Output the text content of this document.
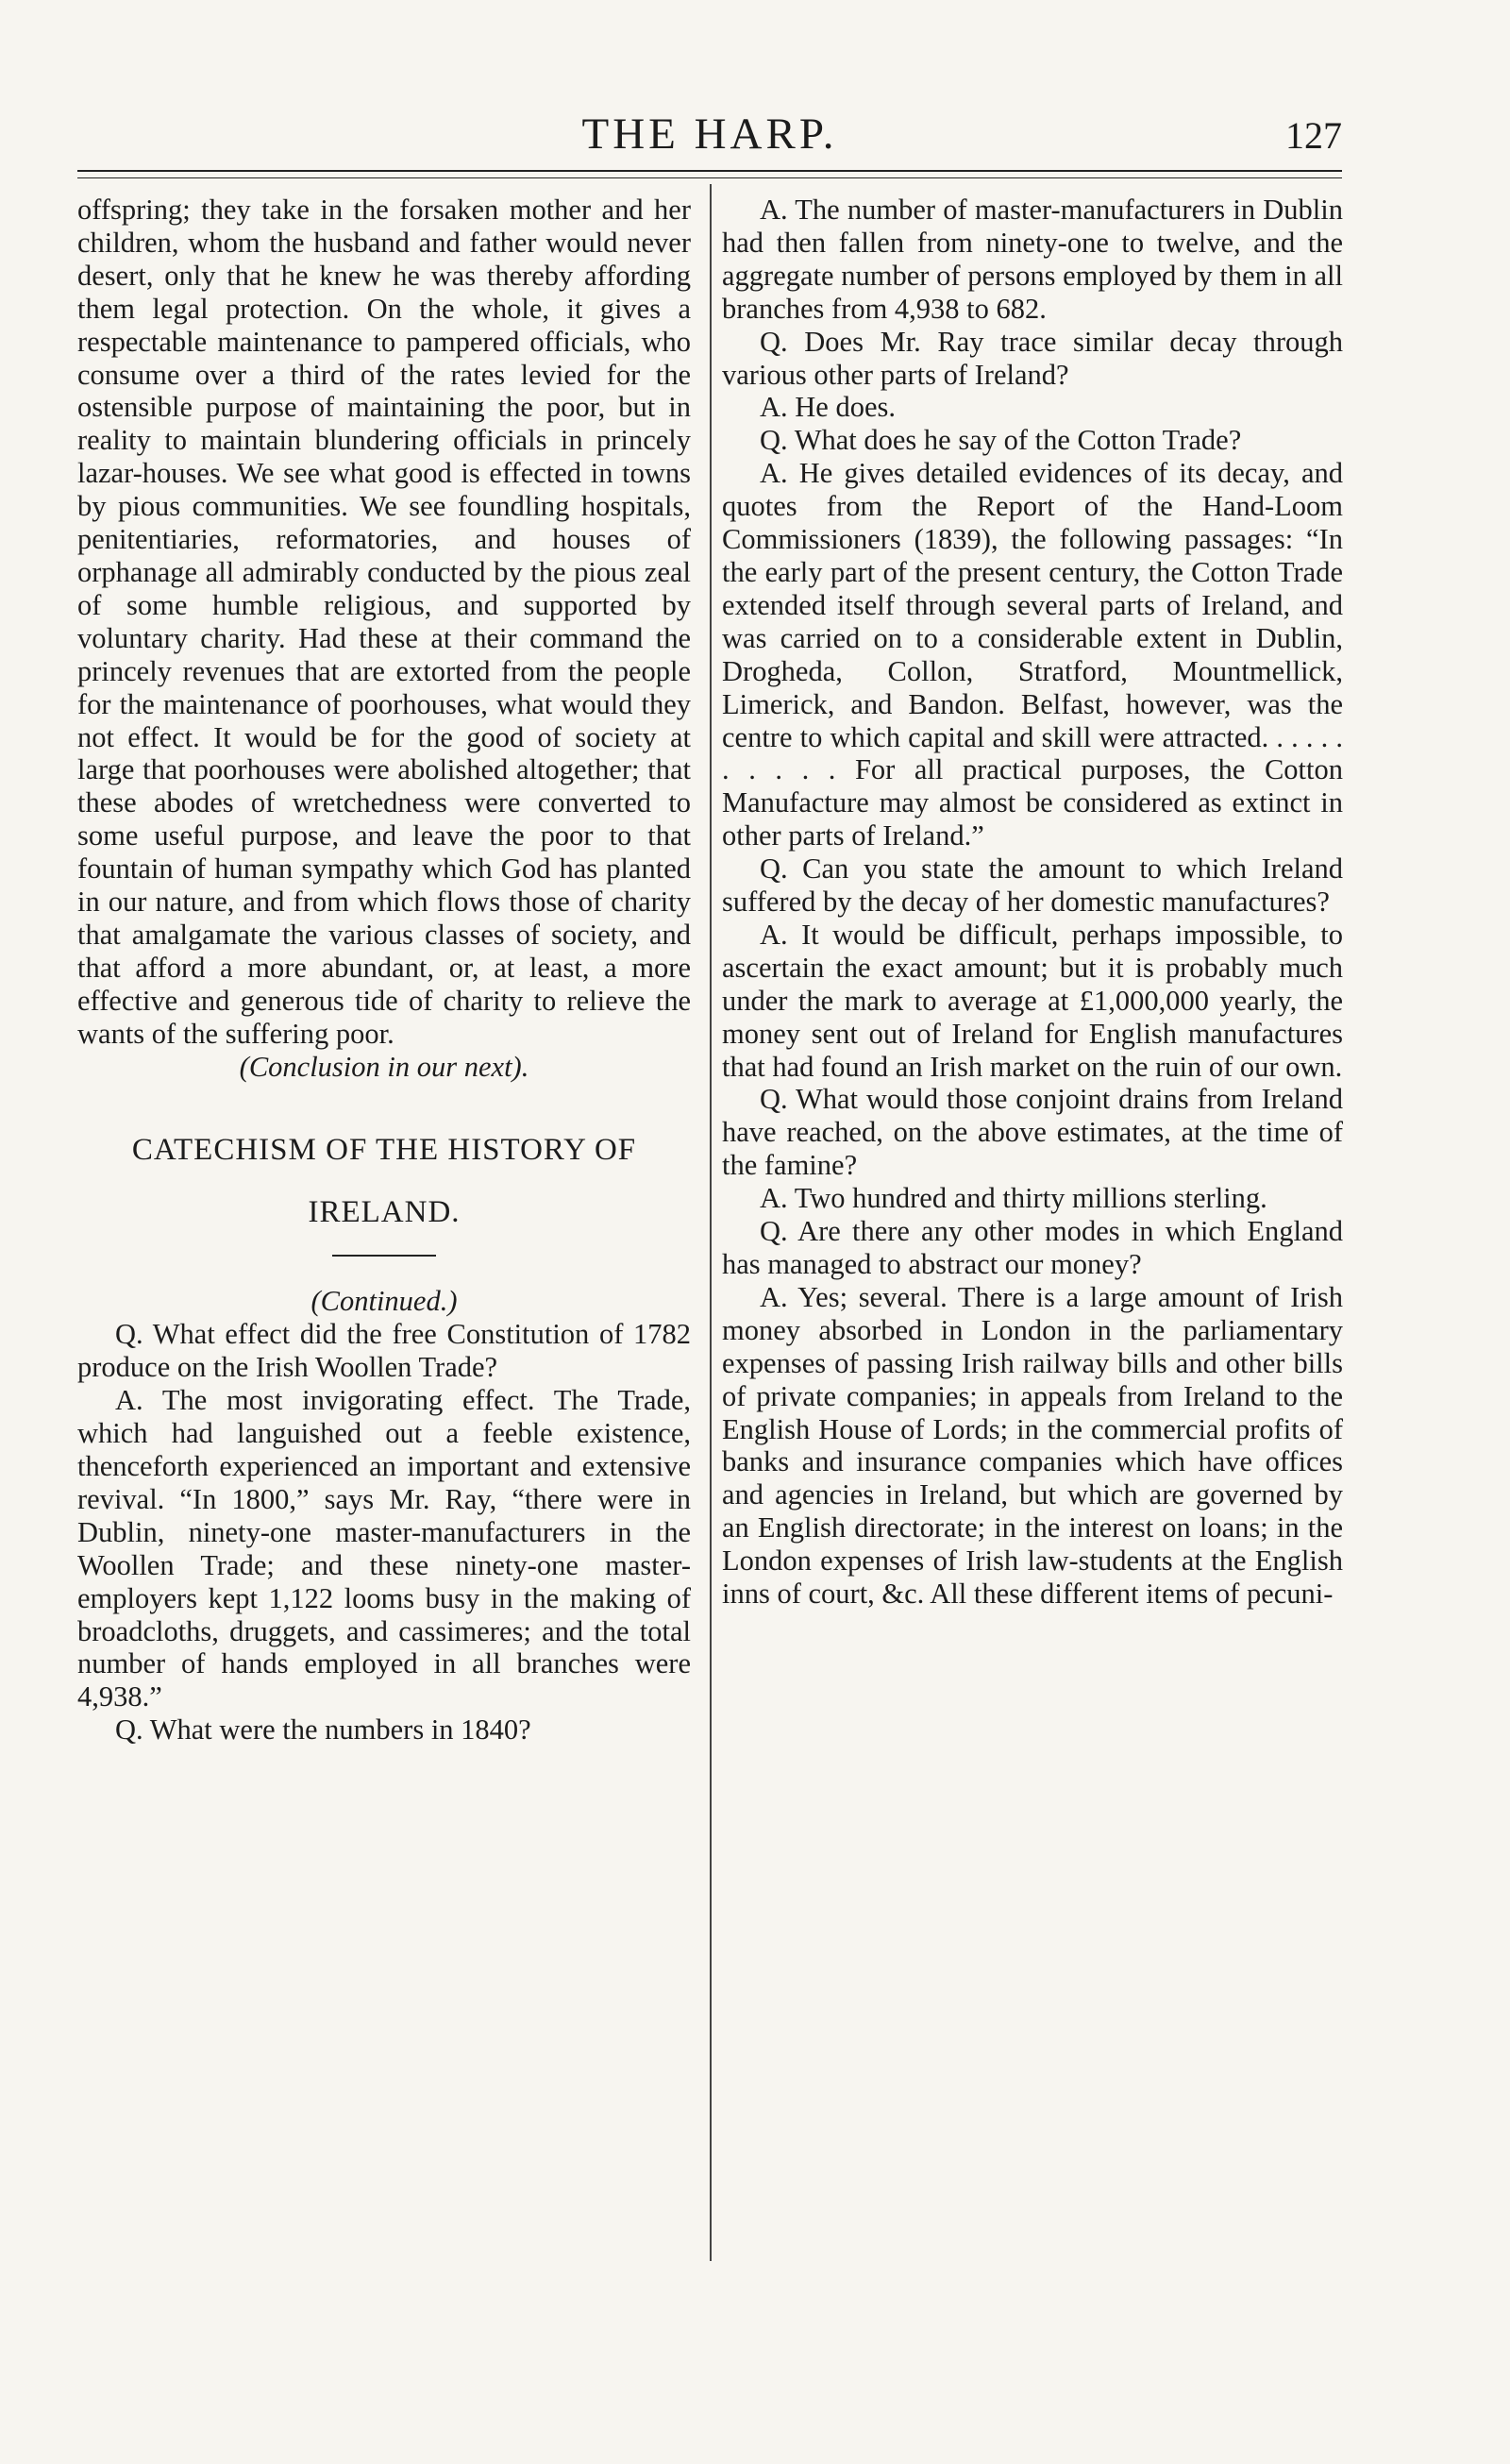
THE HARP.	127

offspring; they take in the forsaken mother and her children, whom the husband and father would never desert, only that he knew he was thereby affording them legal protection. On the whole, it gives a respectable maintenance to pampered officials, who consume over a third of the rates levied for the ostensible purpose of maintaining the poor, but in reality to maintain blundering officials in princely lazar-houses. We see what good is effected in towns by pious communities. We see foundling hospitals, penitentiaries, reformatories, and houses of orphanage all admirably conducted by the pious zeal of some humble religious, and supported by voluntary charity. Had these at their command the princely revenues that are extorted from the people for the maintenance of poorhouses, what would they not effect. It would be for the good of society at large that poorhouses were abolished altogether; that these abodes of wretchedness were converted to some useful purpose, and leave the poor to that fountain of human sympathy which God has planted in our nature, and from which flows those of charity that amalgamate the various classes of society, and that afford a more abundant, or, at least, a more effective and generous tide of charity to relieve the wants of the suffering poor.

(Conclusion in our next).

CATECHISM OF THE HISTORY OF
IRELAND.

(Continued.)

Q. What effect did the free Constitution of 1782 produce on the Irish Woollen Trade?

A. The most invigorating effect. The Trade, which had languished out a feeble existence, thenceforth experienced an important and extensive revival. “In 1800,” says Mr. Ray, “there were in Dublin, ninety-one master-manufacturers in the Woollen Trade; and these ninety-one master-employers kept 1,122 looms busy in the making of broadcloths, druggets, and cassimeres; and the total number of hands employed in all branches were 4,938.”

Q. What were the numbers in 1840?

A. The number of master-manufacturers in Dublin had then fallen from ninety-one to twelve, and the aggregate number of persons employed by them in all branches from 4,938 to 682.

Q. Does Mr. Ray trace similar decay through various other parts of Ireland?

A. He does.

Q. What does he say of the Cotton Trade?

A. He gives detailed evidences of its decay, and quotes from the Report of the Hand-Loom Commissioners (1839), the following passages: “In the early part of the present century, the Cotton Trade extended itself through several parts of Ireland, and was carried on to a considerable extent in Dublin, Drogheda, Collon, Stratford, Mountmellick, Limerick, and Bandon. Belfast, however, was the centre to which capital and skill were attracted. . . . . . . . . . . For all practical purposes, the Cotton Manufacture may almost be considered as extinct in other parts of Ireland.”

Q. Can you state the amount to which Ireland suffered by the decay of her domestic manufactures?

A. It would be difficult, perhaps impossible, to ascertain the exact amount; but it is probably much under the mark to average at £1,000,000 yearly, the money sent out of Ireland for English manufactures that had found an Irish market on the ruin of our own.

Q. What would those conjoint drains from Ireland have reached, on the above estimates, at the time of the famine?

A. Two hundred and thirty millions sterling.

Q. Are there any other modes in which England has managed to abstract our money?

A. Yes; several. There is a large amount of Irish money absorbed in London in the parliamentary expenses of passing Irish railway bills and other bills of private companies; in appeals from Ireland to the English House of Lords; in the commercial profits of banks and insurance companies which have offices and agencies in Ireland, but which are governed by an English directorate; in the interest on loans; in the London expenses of Irish law-students at the English inns of court, &c. All these different items of pecuni-
